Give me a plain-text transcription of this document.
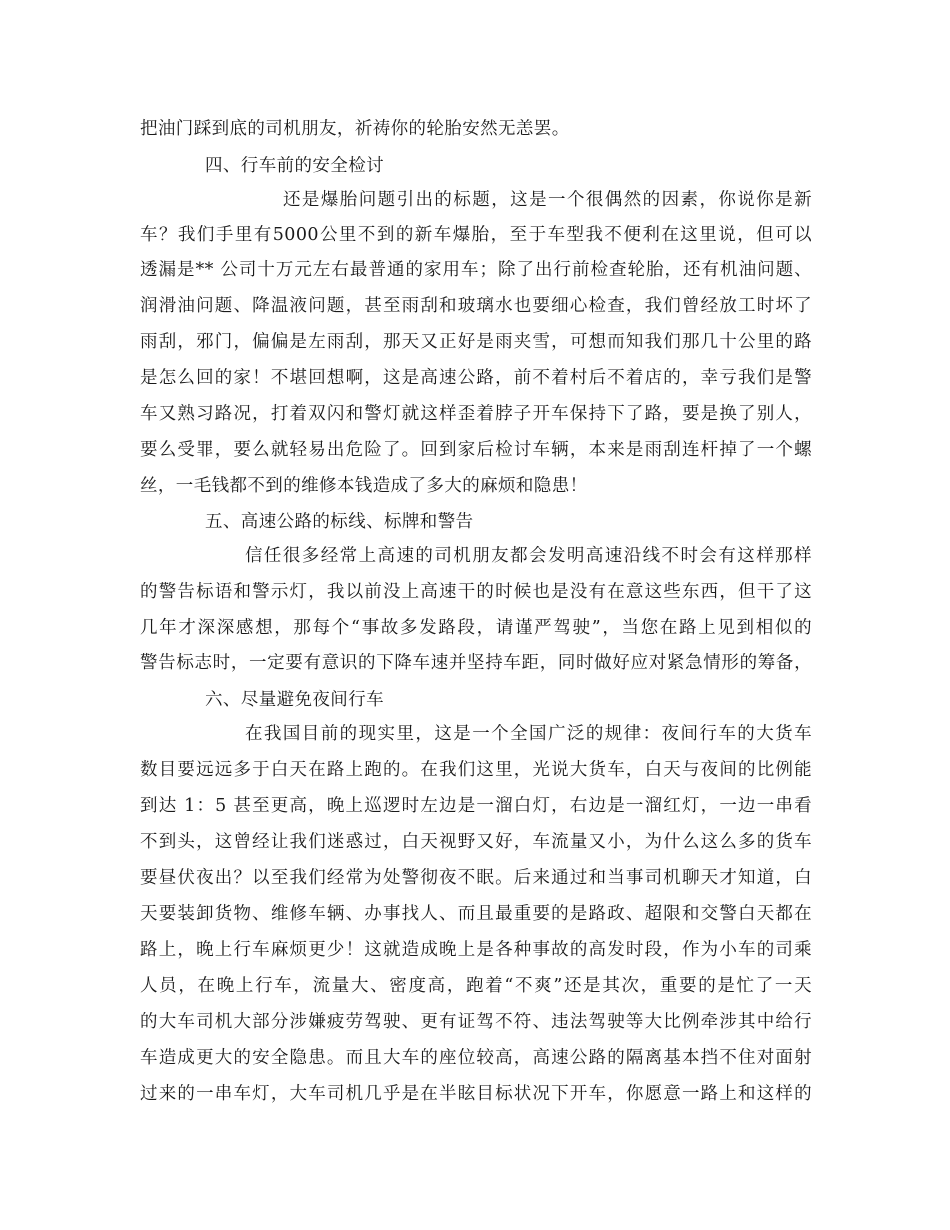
把油门踩到底的司机朋友，祈祷你的轮胎安然无恙罢。
四、行车前的安全检讨
还是爆胎问题引出的标题，这是一个很偶然的因素，你说你是新
车？我们手里有5000公里不到的新车爆胎，至于车型我不便利在这里说，但可以
透漏是** 公司十万元左右最普通的家用车；除了出行前检查轮胎，还有机油问题、
润滑油问题、降温液问题，甚至雨刮和玻璃水也要细心检查，我们曾经放工时坏了
雨刮，邪门，偏偏是左雨刮，那天又正好是雨夹雪，可想而知我们那几十公里的路
是怎么回的家！不堪回想啊，这是高速公路，前不着村后不着店的，幸亏我们是警
车又熟习路况，打着双闪和警灯就这样歪着脖子开车保持下了路，要是换了别人，
要么受罪，要么就轻易出危险了。回到家后检讨车辆，本来是雨刮连杆掉了一个螺
丝，一毛钱都不到的维修本钱造成了多大的麻烦和隐患！
五、高速公路的标线、标牌和警告
信任很多经常上高速的司机朋友都会发明高速沿线不时会有这样那样
的警告标语和警示灯，我以前没上高速干的时候也是没有在意这些东西，但干了这
几年才深深感想，那每个“事故多发路段，请谨严驾驶”，当您在路上见到相似的
警告标志时，一定要有意识的下降车速并坚持车距，同时做好应对紧急情形的筹备，
六、尽量避免夜间行车
在我国目前的现实里，这是一个全国广泛的规律：夜间行车的大货车
数目要远远多于白天在路上跑的。在我们这里，光说大货车，白天与夜间的比例能
到达 1：5 甚至更高，晚上巡逻时左边是一溜白灯，右边是一溜红灯，一边一串看
不到头，这曾经让我们迷惑过，白天视野又好，车流量又小，为什么这么多的货车
要昼伏夜出？以至我们经常为处警彻夜不眠。后来通过和当事司机聊天才知道，白
天要装卸货物、维修车辆、办事找人、而且最重要的是路政、超限和交警白天都在
路上，晚上行车麻烦更少！这就造成晚上是各种事故的高发时段，作为小车的司乘
人员，在晚上行车，流量大、密度高，跑着“不爽”还是其次，重要的是忙了一天
的大车司机大部分涉嫌疲劳驾驶、更有证驾不符、违法驾驶等大比例牵涉其中给行
车造成更大的安全隐患。而且大车的座位较高，高速公路的隔离基本挡不住对面射
过来的一串车灯，大车司机几乎是在半眩目标状况下开车，你愿意一路上和这样的
